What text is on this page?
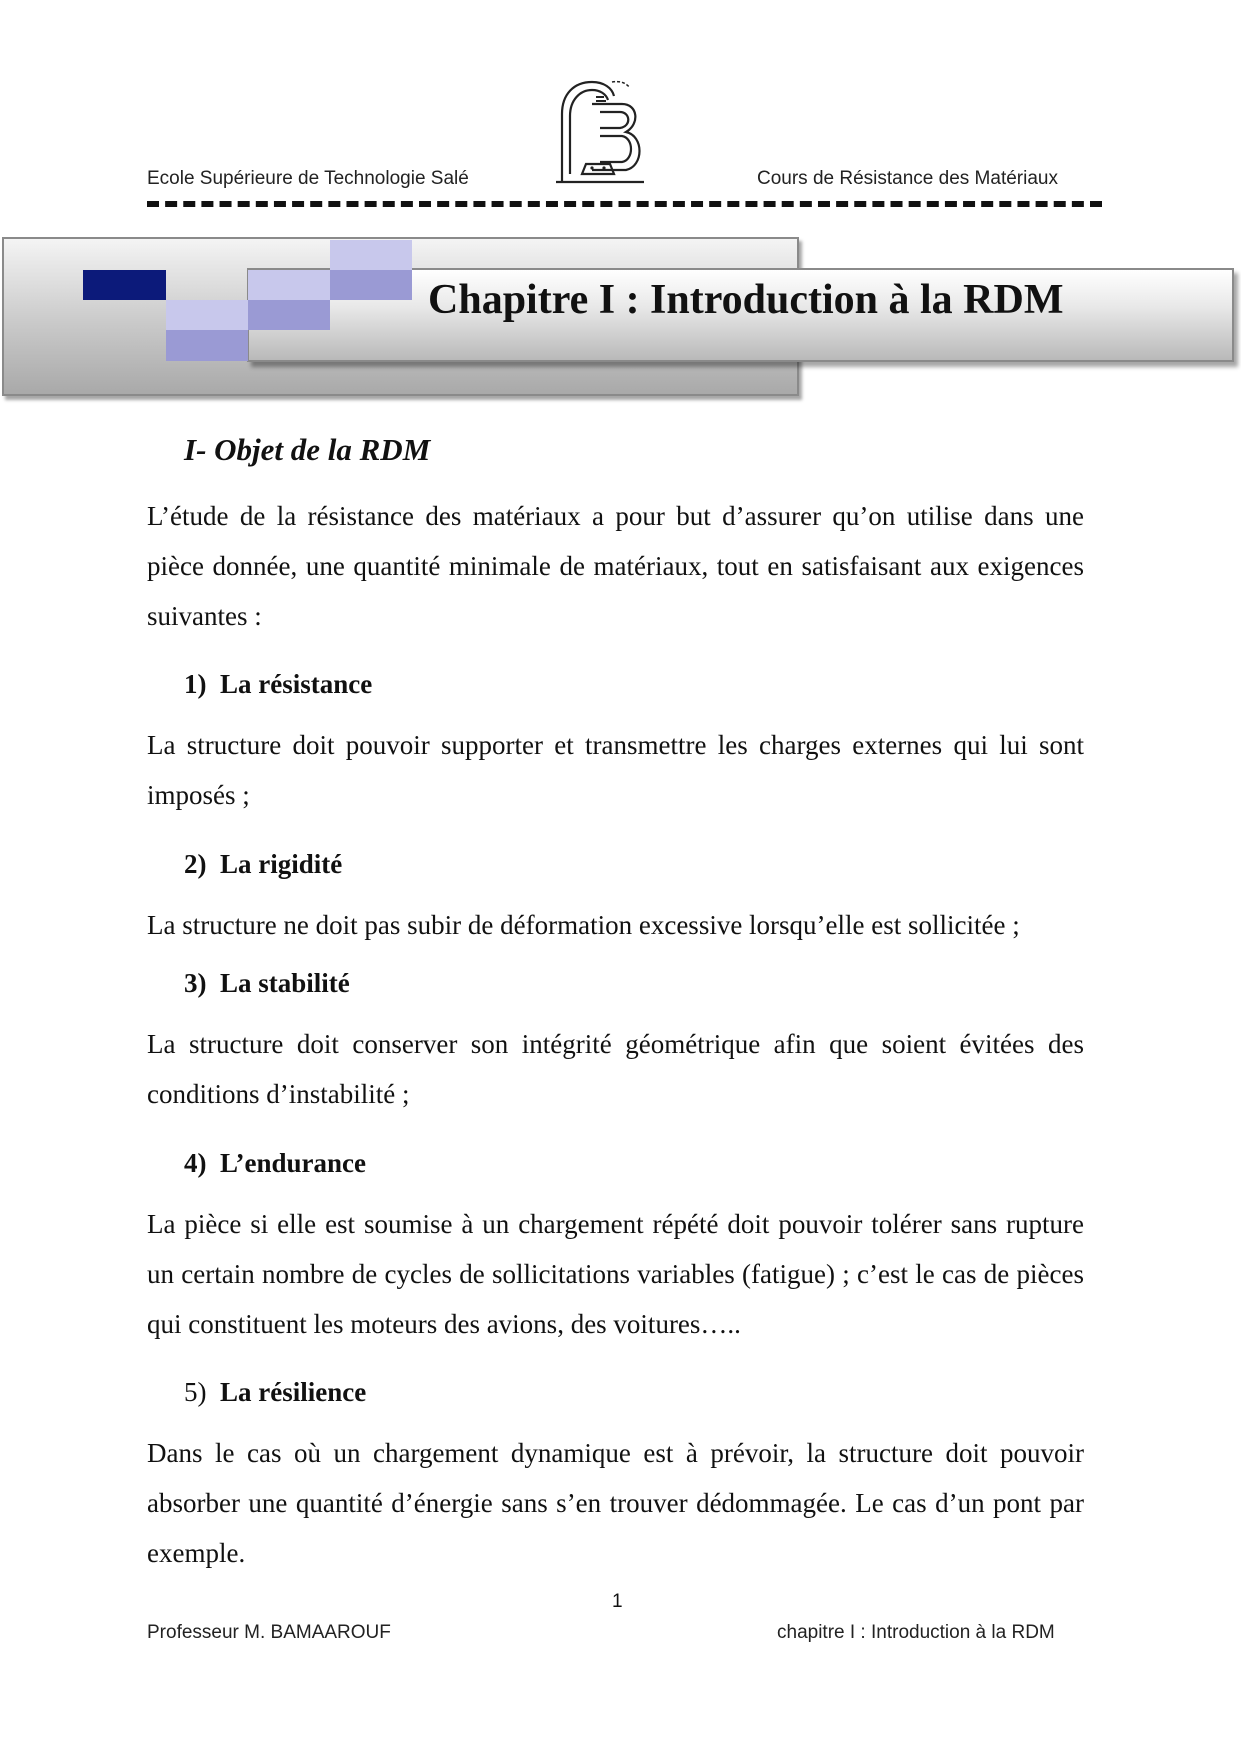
Ecole Supérieure de Technologie Salé	Cours de Résistance des Matériaux
Chapitre I : Introduction à la RDM
I- Objet de la RDM
L’étude de la résistance des matériaux a pour but d’assurer qu’on utilise dans une pièce donnée, une quantité minimale de matériaux, tout en satisfaisant aux exigences suivantes :
1) La résistance
La structure doit pouvoir supporter et transmettre les charges externes qui lui sont imposés ;
2) La rigidité
La structure ne doit pas subir de déformation excessive lorsqu’elle est sollicitée ;
3) La stabilité
La structure doit conserver son intégrité géométrique afin que soient évitées des conditions d’instabilité ;
4) L’endurance
La pièce si elle est soumise à un chargement répété doit pouvoir tolérer sans rupture un certain nombre de cycles de sollicitations variables (fatigue) ; c’est le cas de pièces qui constituent les moteurs des avions, des voitures…..
5) La résilience
Dans le cas où un chargement dynamique est à prévoir, la structure doit pouvoir absorber une quantité d’énergie sans s’en trouver dédommagée. Le cas d’un pont par exemple.
1
Professeur M. BAMAAROUF	chapitre I : Introduction à la RDM
